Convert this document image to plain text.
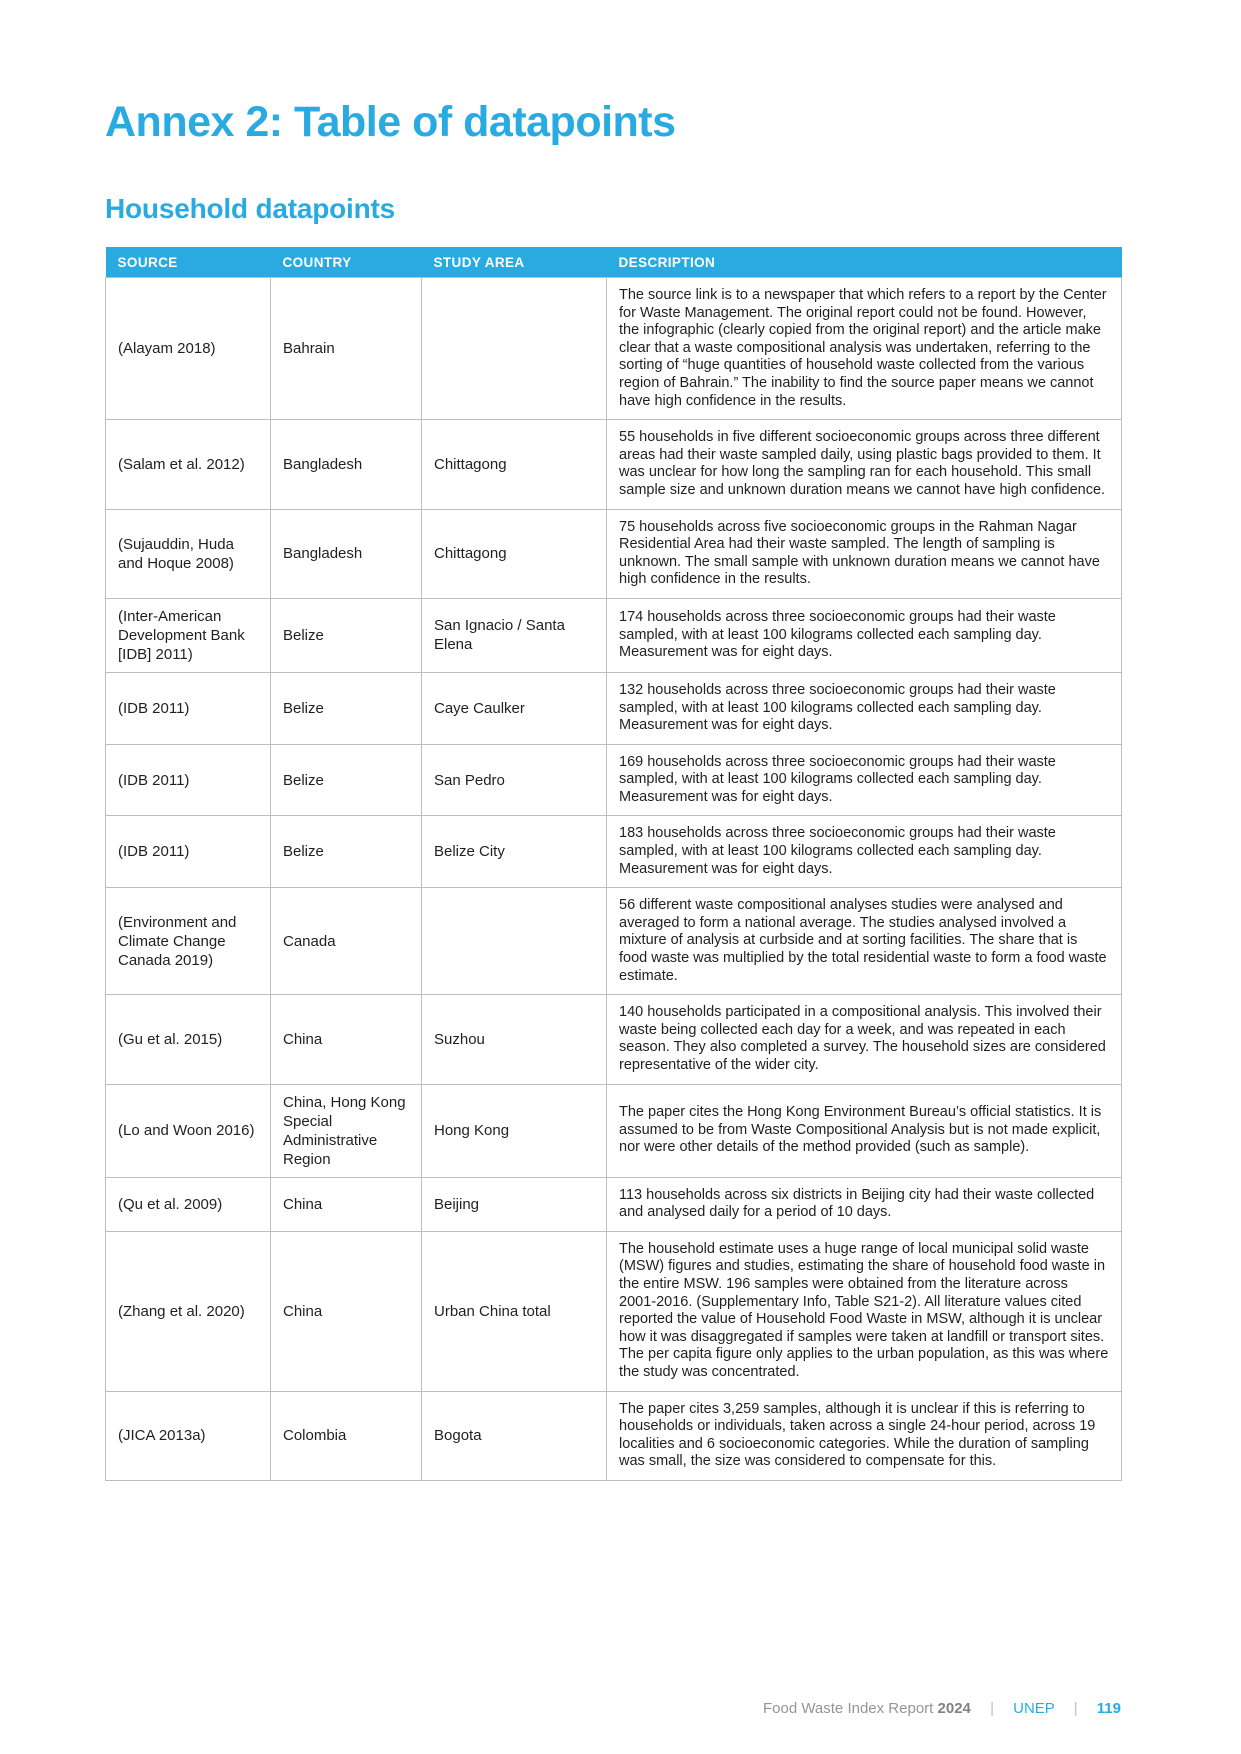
Annex 2: Table of datapoints
Household datapoints
SOURCE	COUNTRY	STUDY AREA	DESCRIPTION
(Alayam 2018)	Bahrain		The source link is to a newspaper that which refers to a report by the Center for Waste Management. The original report could not be found. However, the infographic (clearly copied from the original report) and the article make clear that a waste compositional analysis was undertaken, referring to the sorting of “huge quantities of household waste collected from the various region of Bahrain.” The inability to find the source paper means we cannot have high confidence in the results.
(Salam et al. 2012)	Bangladesh	Chittagong	55 households in five different socioeconomic groups across three different areas had their waste sampled daily, using plastic bags provided to them. It was unclear for how long the sampling ran for each household. This small sample size and unknown duration means we cannot have high confidence.
(Sujauddin, Huda and Hoque 2008)	Bangladesh	Chittagong	75 households across five socioeconomic groups in the Rahman Nagar Residential Area had their waste sampled. The length of sampling is unknown. The small sample with unknown duration means we cannot have high confidence in the results.
(Inter-American Development Bank [IDB] 2011)	Belize	San Ignacio / Santa Elena	174 households across three socioeconomic groups had their waste sampled, with at least 100 kilograms collected each sampling day. Measurement was for eight days.
(IDB 2011)	Belize	Caye Caulker	132 households across three socioeconomic groups had their waste sampled, with at least 100 kilograms collected each sampling day. Measurement was for eight days.
(IDB 2011)	Belize	San Pedro	169 households across three socioeconomic groups had their waste sampled, with at least 100 kilograms collected each sampling day. Measurement was for eight days.
(IDB 2011)	Belize	Belize City	183 households across three socioeconomic groups had their waste sampled, with at least 100 kilograms collected each sampling day. Measurement was for eight days.
(Environment and Climate Change Canada 2019)	Canada		56 different waste compositional analyses studies were analysed and averaged to form a national average. The studies analysed involved a mixture of analysis at curbside and at sorting facilities. The share that is food waste was multiplied by the total residential waste to form a food waste estimate.
(Gu et al. 2015)	China	Suzhou	140 households participated in a compositional analysis. This involved their waste being collected each day for a week, and was repeated in each season. They also completed a survey. The household sizes are considered representative of the wider city.
(Lo and Woon 2016)	China, Hong Kong Special Administrative Region	Hong Kong	The paper cites the Hong Kong Environment Bureau’s official statistics. It is assumed to be from Waste Compositional Analysis but is not made explicit, nor were other details of the method provided (such as sample).
(Qu et al. 2009)	China	Beijing	113 households across six districts in Beijing city had their waste collected and analysed daily for a period of 10 days.
(Zhang et al. 2020)	China	Urban China total	The household estimate uses a huge range of local municipal solid waste (MSW) figures and studies, estimating the share of household food waste in the entire MSW. 196 samples were obtained from the literature across 2001-2016. (Supplementary Info, Table S21-2). All literature values cited reported the value of Household Food Waste in MSW, although it is unclear how it was disaggregated if samples were taken at landfill or transport sites. The per capita figure only applies to the urban population, as this was where the study was concentrated.
(JICA 2013a)	Colombia	Bogota	The paper cites 3,259 samples, although it is unclear if this is referring to households or individuals, taken across a single 24-hour period, across 19 localities and 6 socioeconomic categories. While the duration of sampling was small, the size was considered to compensate for this.
Food Waste Index Report 2024 | UNEP | 119
